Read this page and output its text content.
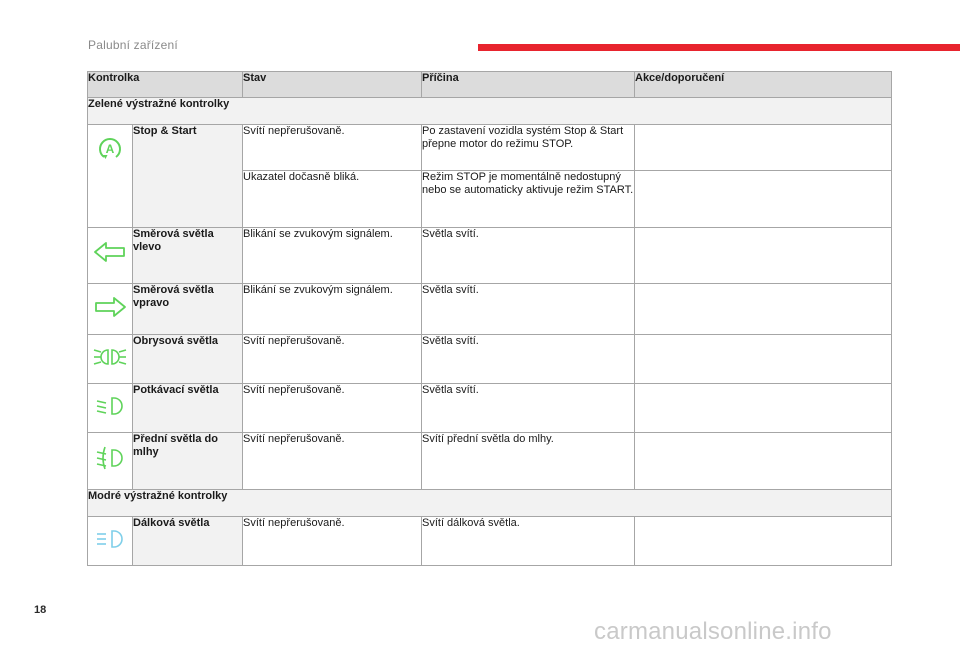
Palubní zařízení
Kontrolka		Stav	Příčina	Akce/doporučení
Zelené výstražné kontrolky				

A	Stop & Start	Svítí nepřerušovaně.	Po zastavení vozidla systém Stop & Start přepne motor do režimu STOP.	
		Ukazatel dočasně bliká.	Režim STOP je momentálně nedostupný nebo se automaticky aktivuje režim START.	

	Směrová světla vlevo	Blikání se zvukovým signálem.	Světla svítí.	

	Směrová světla vpravo	Blikání se zvukovým signálem.	Světla svítí.	

	Obrysová světla	Svítí nepřerušovaně.	Světla svítí.	

	Potkávací světla	Svítí nepřerušovaně.	Světla svítí.	

	Přední světla do mlhy	Svítí nepřerušovaně.	Svítí přední světla do mlhy.	
Modré výstražné kontrolky				

	Dálková světla	Svítí nepřerušovaně.	Svítí dálková světla.	
18
carmanualsonline.info
